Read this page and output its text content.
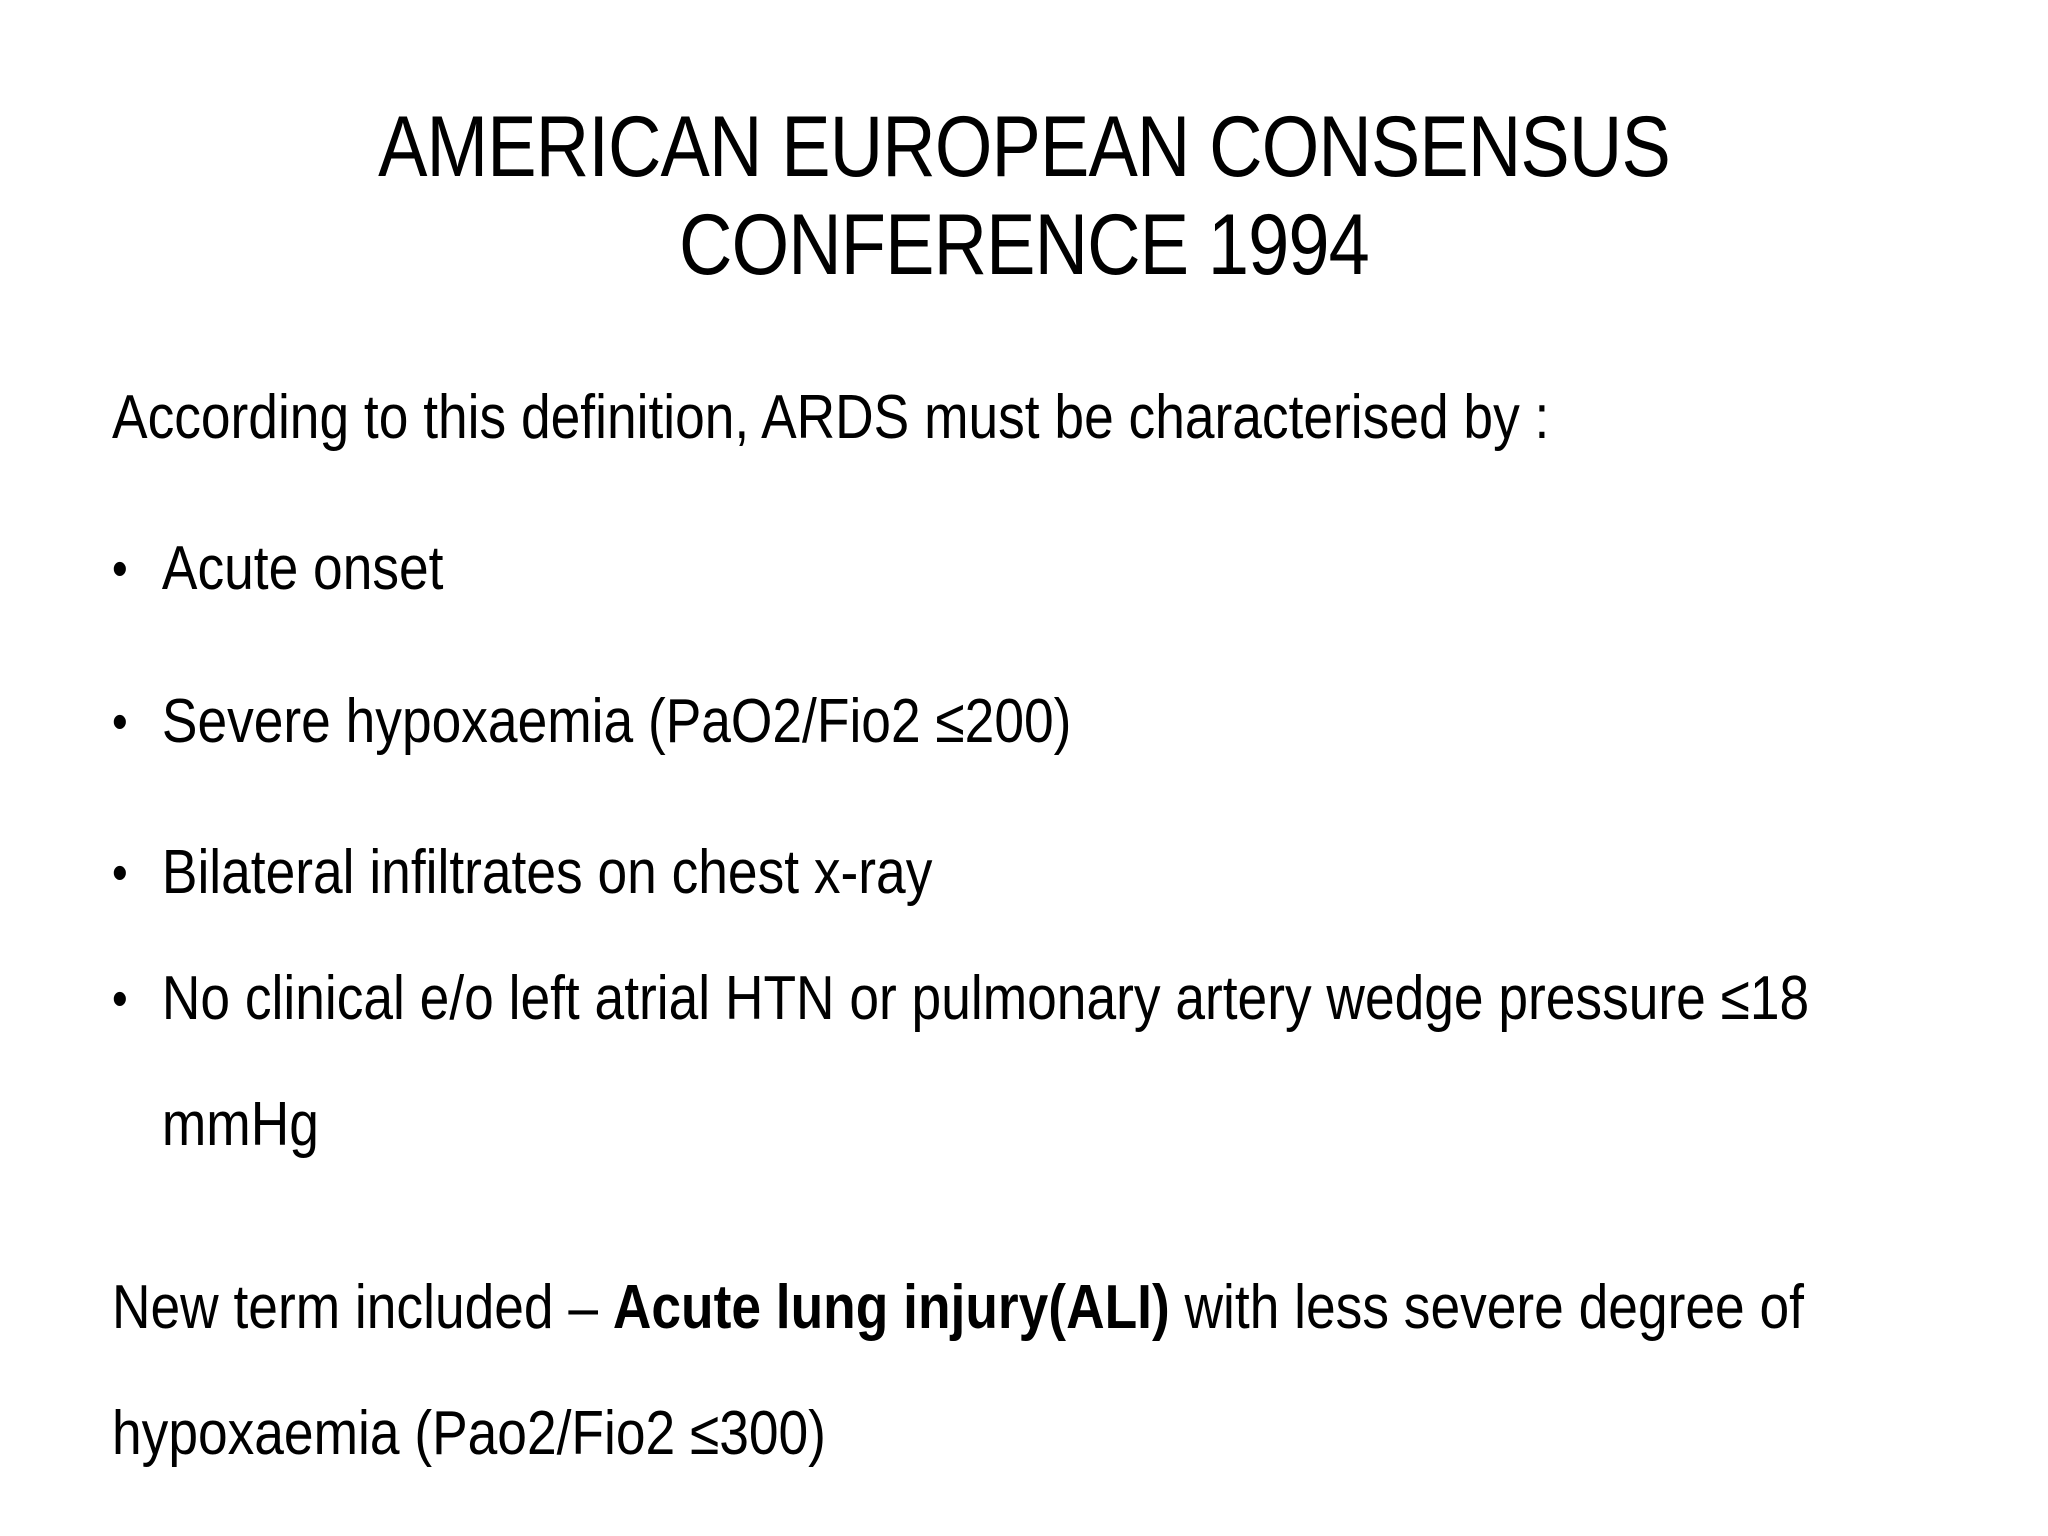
AMERICAN EUROPEAN CONSENSUS
CONFERENCE 1994
According to this definition, ARDS must be characterised by :
• Acute onset
• Severe hypoxaemia (PaO2/Fio2 ≤200)
• Bilateral infiltrates on chest x-ray
• No clinical e/o left atrial HTN or pulmonary artery wedge pressure ≤18
mmHg
New term included – Acute lung injury(ALI) with less severe degree of
hypoxaemia (Pao2/Fio2 ≤300)
